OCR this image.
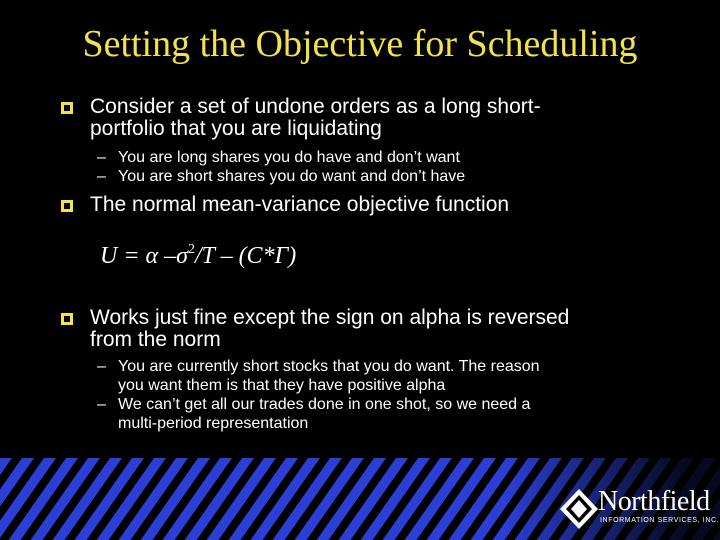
Setting the Objective for Scheduling
Consider a set of undone orders as a long short-
portfolio that you are liquidating
– You are long shares you do have and don’t want
– You are short shares you do want and don’t have
The normal mean-variance objective function
U = α $-\sigma^2/T - (C*\Gamma)$
Works just fine except the sign on alpha is reversed
from the norm
– You are currently short stocks that you do want. The reason
you want them is that they have positive alpha
– We can’t get all our trades done in one shot, so we need a
multi-period representation
Northfield
INFORMATION SERVICES, INC.
